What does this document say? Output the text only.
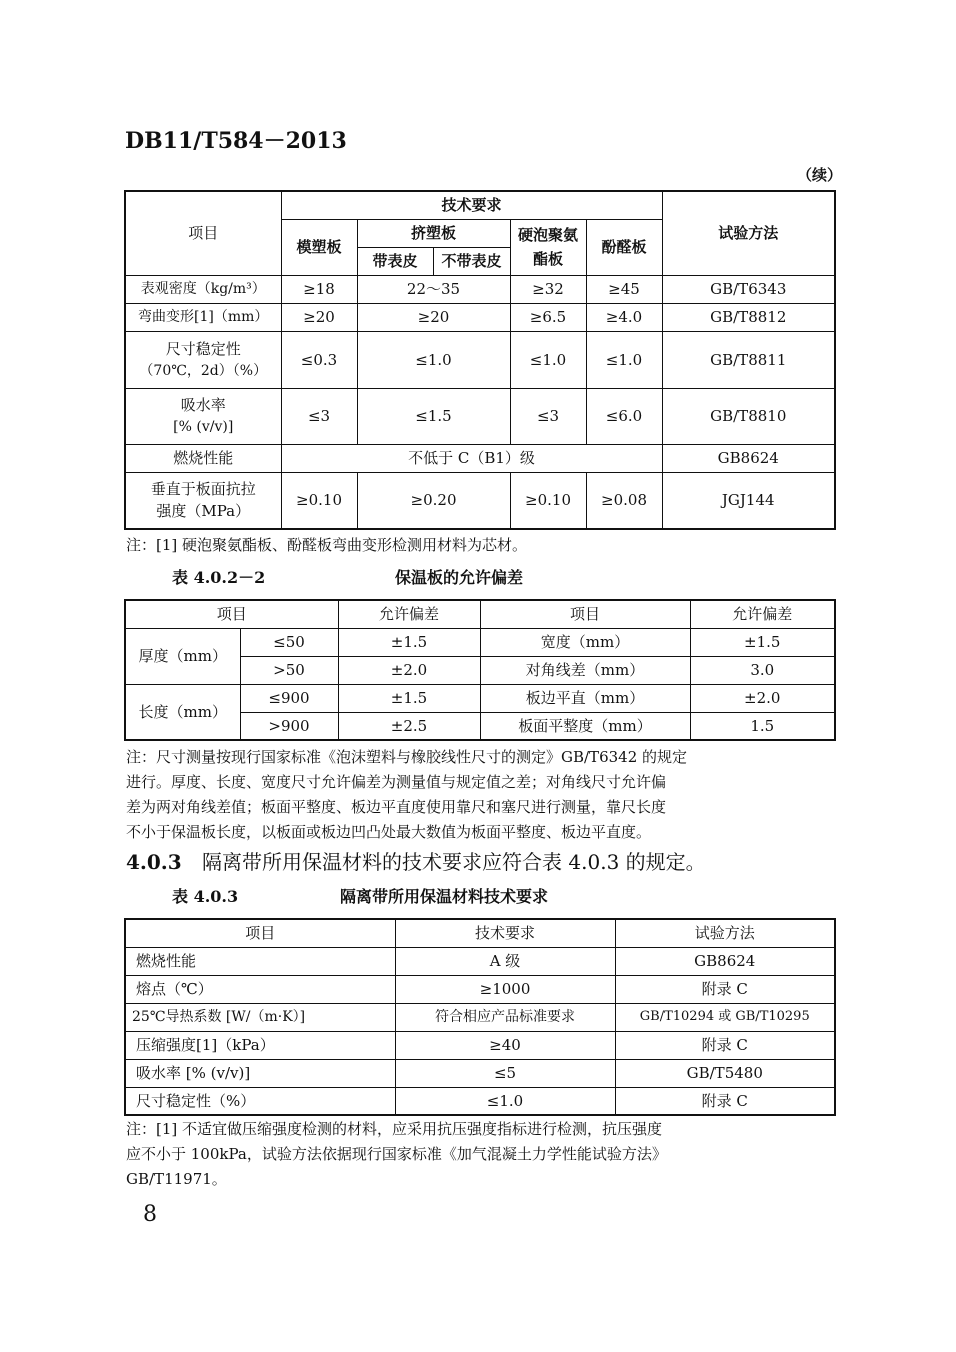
DB11/T584－2013
（续）
项目	技术要求					试验方法
	模塑板	挤塑板		硬泡聚氨酯板	酚醛板	
		带表皮	不带表皮			
表观密度（kg/m³）	≥18	22～35		≥32	≥45	GB/T6343
弯曲变形[1]（mm）	≥20	≥20		≥6.5	≥4.0	GB/T8812

尺寸稳定性
（70℃，2d）（%）	≤0.3	≤1.0		≤1.0	≤1.0	GB/T8811

吸水率
[% (v/v)]	≤3	≤1.5		≤3	≤6.0	GB/T8810
燃烧性能	不低于 C（B1）级					GB8624

垂直于板面抗拉
强度（MPa）	≥0.10	≥0.20		≥0.10	≥0.08	JGJ144
注：[1] 硬泡聚氨酯板、酚醛板弯曲变形检测用材料为芯材。
表 4.0.2－2	保温板的允许偏差
项目		允许偏差	项目	允许偏差
厚度（mm）	≤50	±1.5	宽度（mm）	±1.5
	>50	±2.0	对角线差（mm）	3.0
长度（mm）	≤900	±1.5	板边平直（mm）	±2.0
	>900	±2.5	板面平整度（mm）	1.5
注：尺寸测量按现行国家标准《泡沫塑料与橡胶线性尺寸的测定》GB/T6342 的规定
进行。厚度、长度、宽度尺寸允许偏差为测量值与规定值之差；对角线尺寸允许偏
差为两对角线差值；板面平整度、板边平直度使用靠尺和塞尺进行测量，靠尺长度
不小于保温板长度，以板面或板边凹凸处最大数值为板面平整度、板边平直度。
4.0.3 隔离带所用保温材料的技术要求应符合表 4.0.3 的规定。
表 4.0.3	隔离带所用保温材料技术要求
项目	技术要求	试验方法
燃烧性能	A 级	GB8624
熔点（℃）	≥1000	附录 C
25℃导热系数 [W/（m·K）]	符合相应产品标准要求	GB/T10294 或 GB/T10295
压缩强度[1]（kPa）	≥40	附录 C
吸水率 [% (v/v)]	≤5	GB/T5480
尺寸稳定性（%）	≤1.0	附录 C
注：[1] 不适宜做压缩强度检测的材料，应采用抗压强度指标进行检测，抗压强度
应不小于 100kPa，试验方法依据现行国家标准《加气混凝土力学性能试验方法》
GB/T11971。
8
